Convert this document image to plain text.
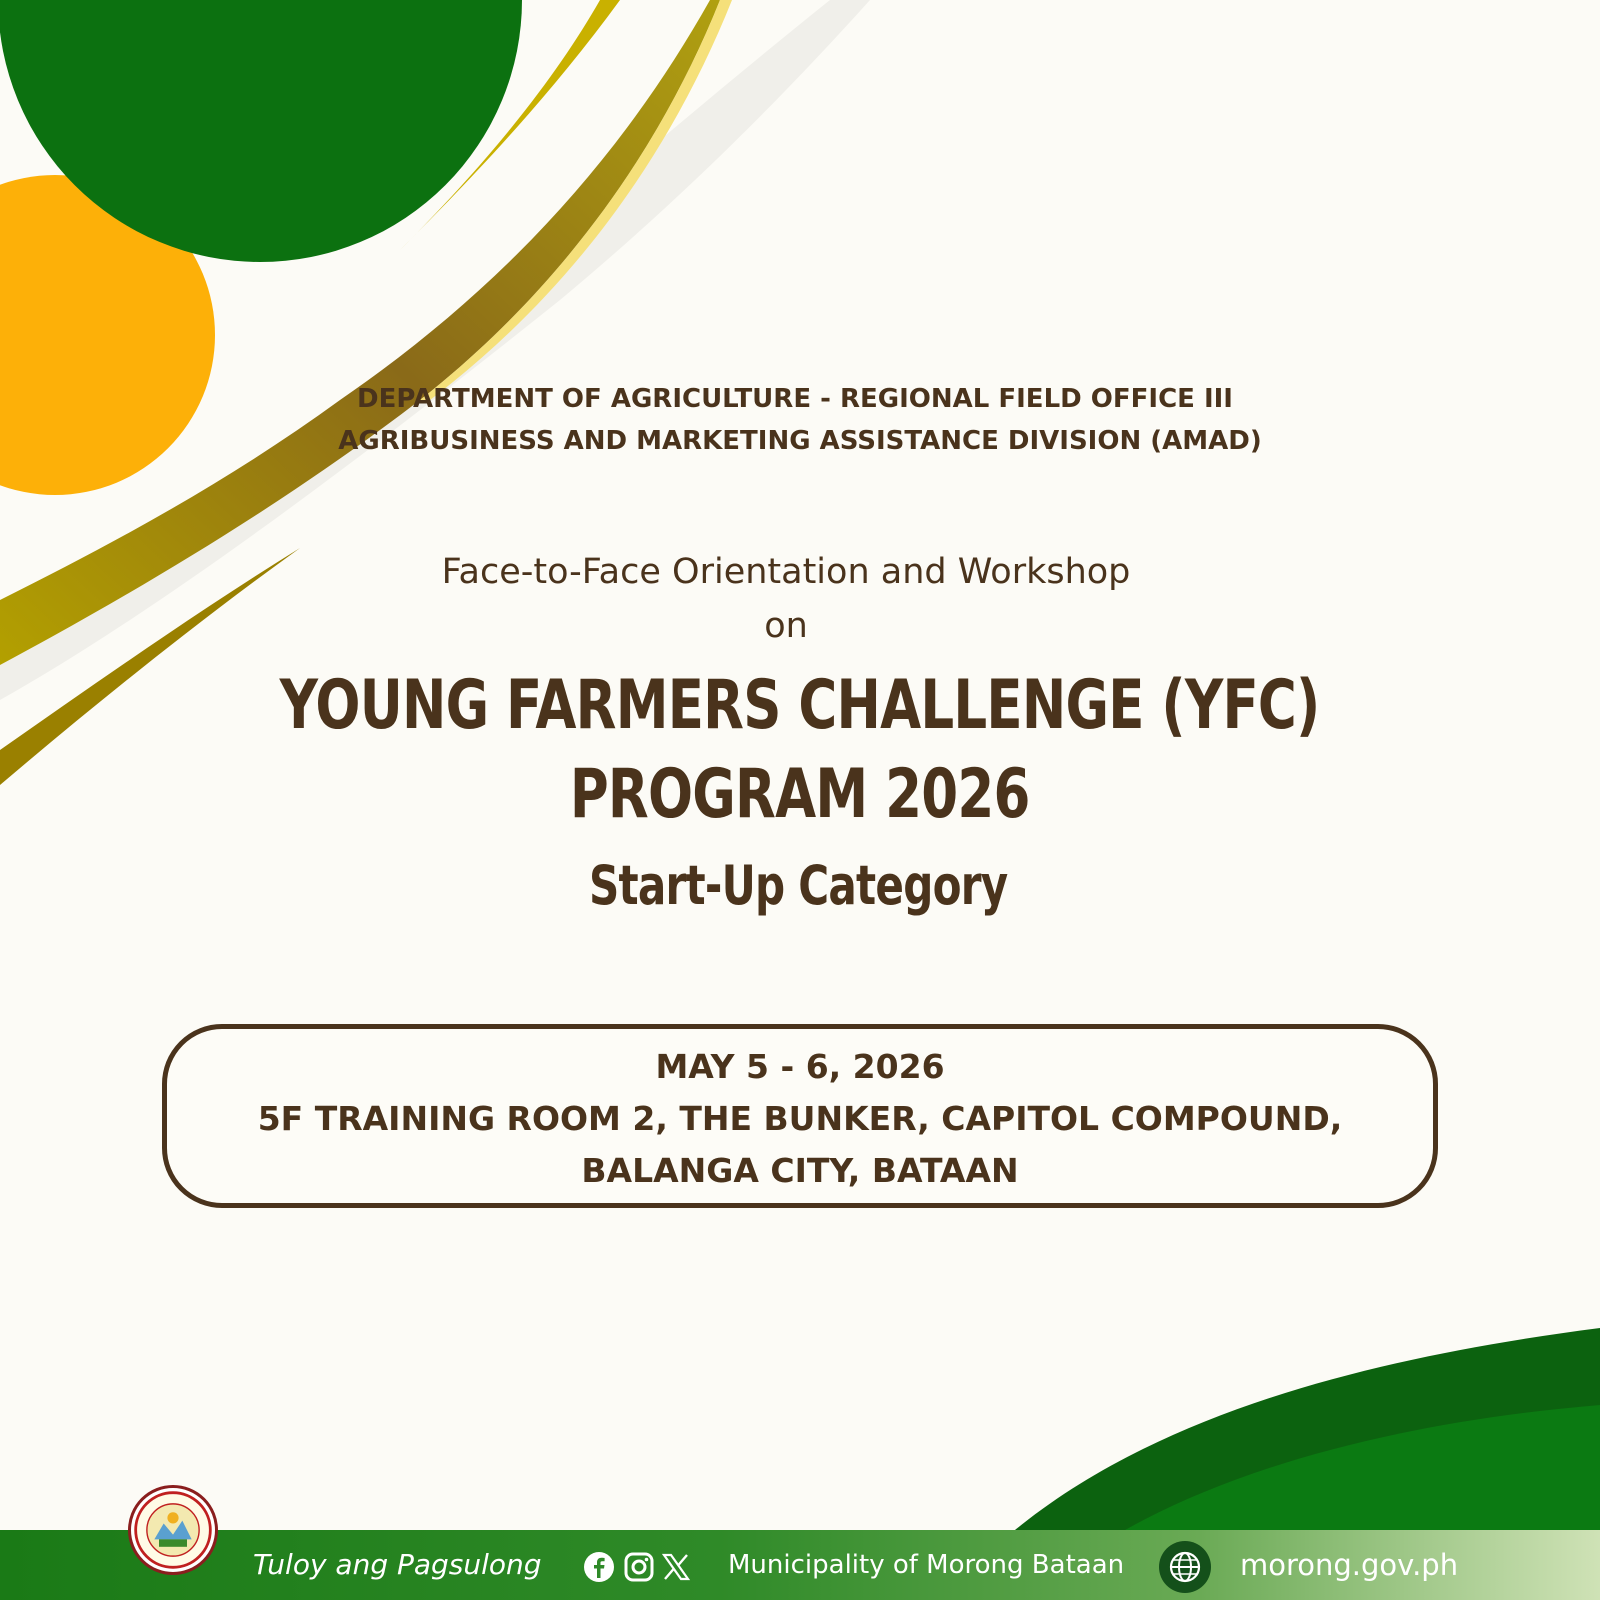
DEPARTMENT OF AGRICULTURE - REGIONAL FIELD OFFICE III
AGRIBUSINESS AND MARKETING ASSISTANCE DIVISION (AMAD)
Face-to-Face Orientation and Workshop
on
YOUNG FARMERS CHALLENGE (YFC)
PROGRAM 2026
Start-Up Category
MAY 5 - 6, 2026
5F TRAINING ROOM 2, THE BUNKER, CAPITOL COMPOUND,
BALANGA CITY, BATAAN
Tuloy ang Pagsulong	Municipality of Morong Bataan	morong.gov.ph
